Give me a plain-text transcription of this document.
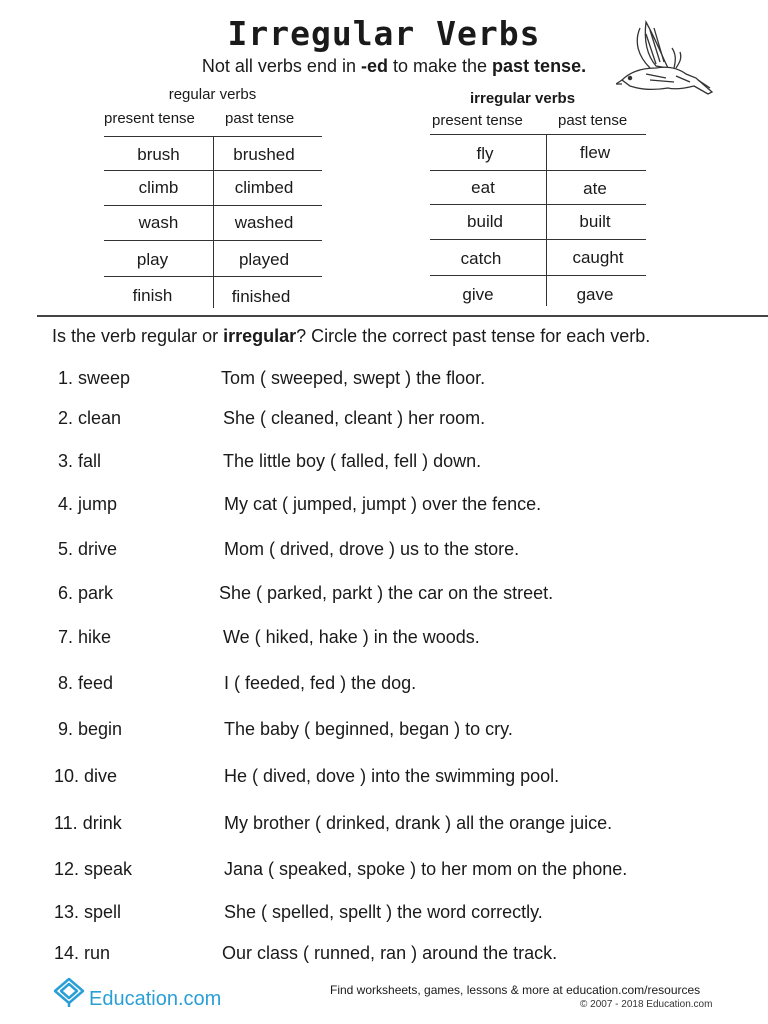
Irregular Verbs
Not all verbs end in -ed to make the past tense.
regular verbs
present tense past tense
brush	brushed
climb	climbed
wash	washed
play	played
finish	finished
irregular verbs
present tense past tense
fly	flew
eat	ate
build	built
catch	caught
give	gave
Is the verb regular or irregular? Circle the correct past tense for each verb.
1. sweep	Tom ( sweeped, swept ) the floor.
2. clean	She ( cleaned, cleant ) her room.
3. fall	The little boy ( falled, fell ) down.
4. jump	My cat ( jumped, jumpt ) over the fence.
5. drive	Mom ( drived, drove ) us to the store.
6. park	She ( parked, parkt ) the car on the street.
7. hike	We ( hiked, hake ) in the woods.
8. feed	I ( feeded, fed ) the dog.
9. begin	The baby ( beginned, began ) to cry.
10. dive	He ( dived, dove ) into the swimming pool.
11. drink	My brother ( drinked, drank ) all the orange juice.
12. speak	Jana ( speaked, spoke ) to her mom on the phone.
13. spell	She ( spelled, spellt ) the word correctly.
14. run	Our class ( runned, ran ) around the track.
Education.com	Find worksheets, games, lessons & more at education.com/resources
© 2007 - 2018 Education.com
